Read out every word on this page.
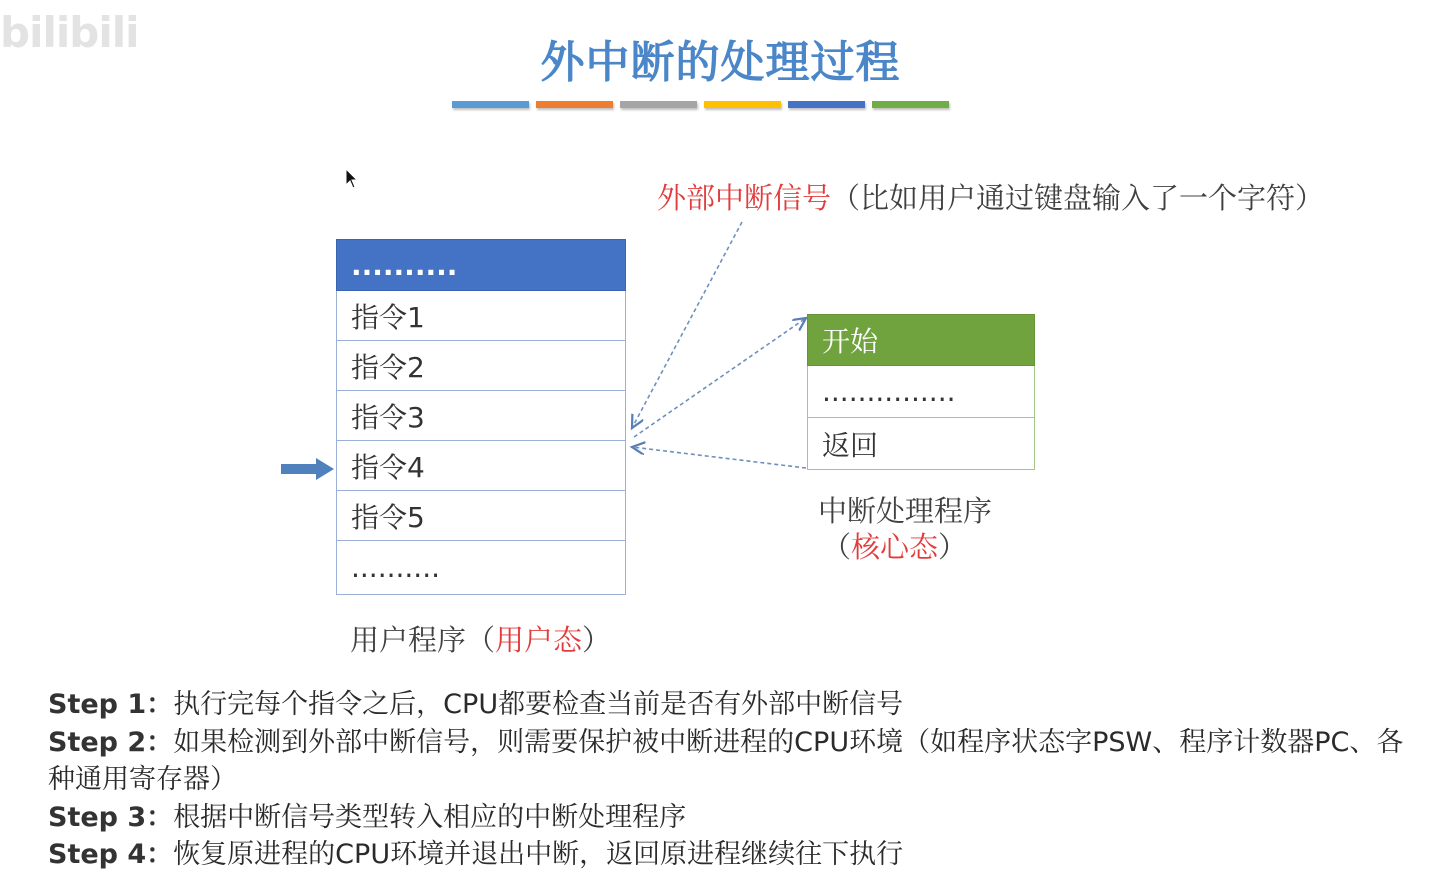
bilibili
外中断的处理过程
外部中断信号（比如用户通过键盘输入了一个字符）
..........
指令1
指令2
指令3
指令4
指令5
..........
用户程序（用户态）
开始
...............
返回
中断处理程序
（核心态）
Step 1：执行完每个指令之后，CPU都要检查当前是否有外部中断信号
Step 2：如果检测到外部中断信号，则需要保护被中断进程的CPU环境（如程序状态字PSW、程序计数器PC、各种通用寄存器）
Step 3：根据中断信号类型转入相应的中断处理程序
Step 4：恢复原进程的CPU环境并退出中断，返回原进程继续往下执行
